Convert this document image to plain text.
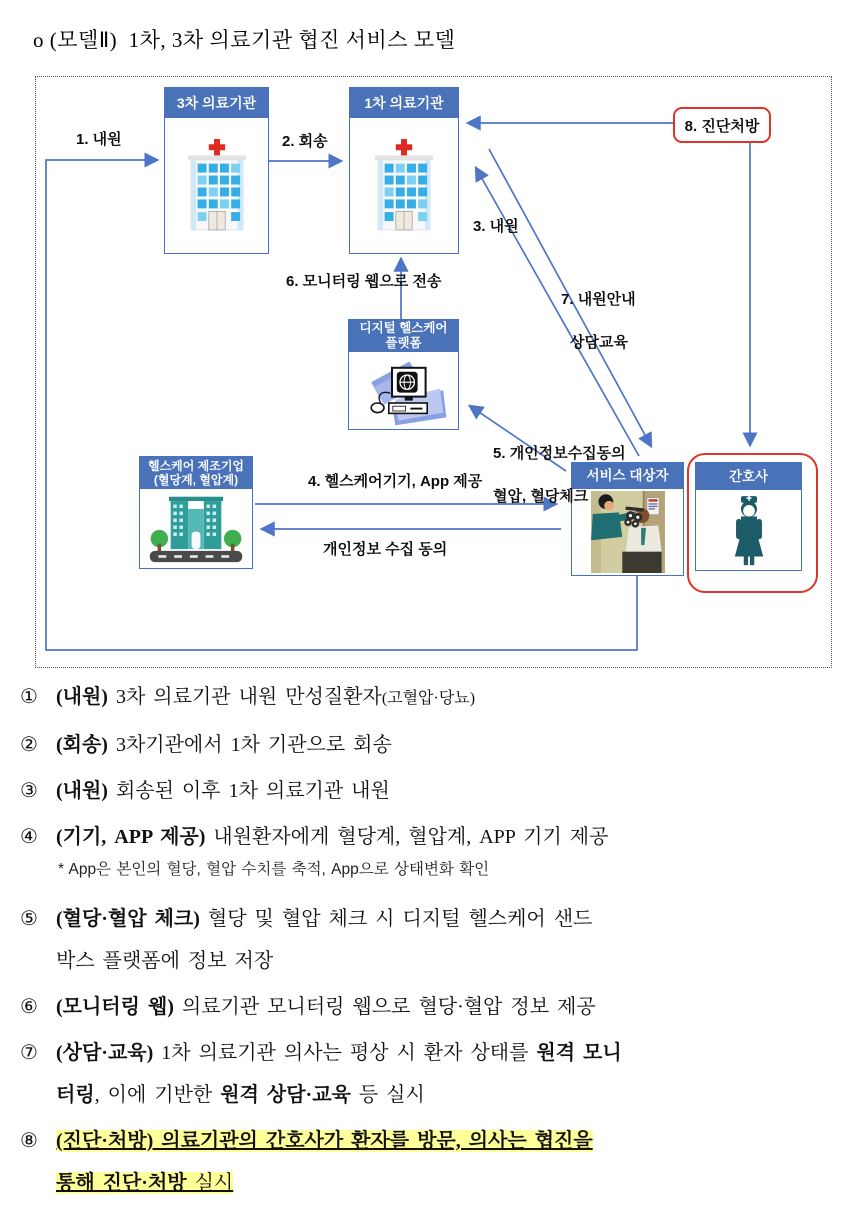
o (모델Ⅱ)  1차, 3차 의료기관 협진 서비스 모델
3차 의료기관	1차 의료기관
디지털 헬스케어
플랫폼
헬스케어 제조기업
(혈당계, 혈압계)	서비스 대상자	간호사
1. 내원	2. 회송
3. 내원

7. 내원안내

상담교육

6. 모니터링 웹으로 전송

5. 개인정보수집동의

혈압, 혈당체크

4. 헬스케어기기, App 제공
개인정보 수집 동의
8. 진단처방
① (내원) 3차 의료기관 내원 만성질환자(고혈압·당뇨)
② (회송) 3차기관에서 1차 기관으로 회송
③ (내원) 회송된 이후 1차 의료기관 내원
④ (기기, APP 제공) 내원환자에게 혈당계, 혈압계, APP 기기 제공
* App은 본인의 혈당, 혈압 수치를 축적, App으로 상태변화 확인
⑤ (혈당·혈압 체크) 혈당 및 혈압 체크 시 디지털 헬스케어 샌드
박스 플랫폼에 정보 저장
⑥ (모니터링 웹) 의료기관 모니터링 웹으로 혈당·혈압 정보 제공
⑦ (상담·교육) 1차 의료기관 의사는 평상 시 환자 상태를 원격 모니
터링, 이에 기반한 원격 상담·교육 등 실시
⑧ (진단·처방) 의료기관의 간호사가 환자를 방문, 의사는 협진을
통해 진단·처방 실시
